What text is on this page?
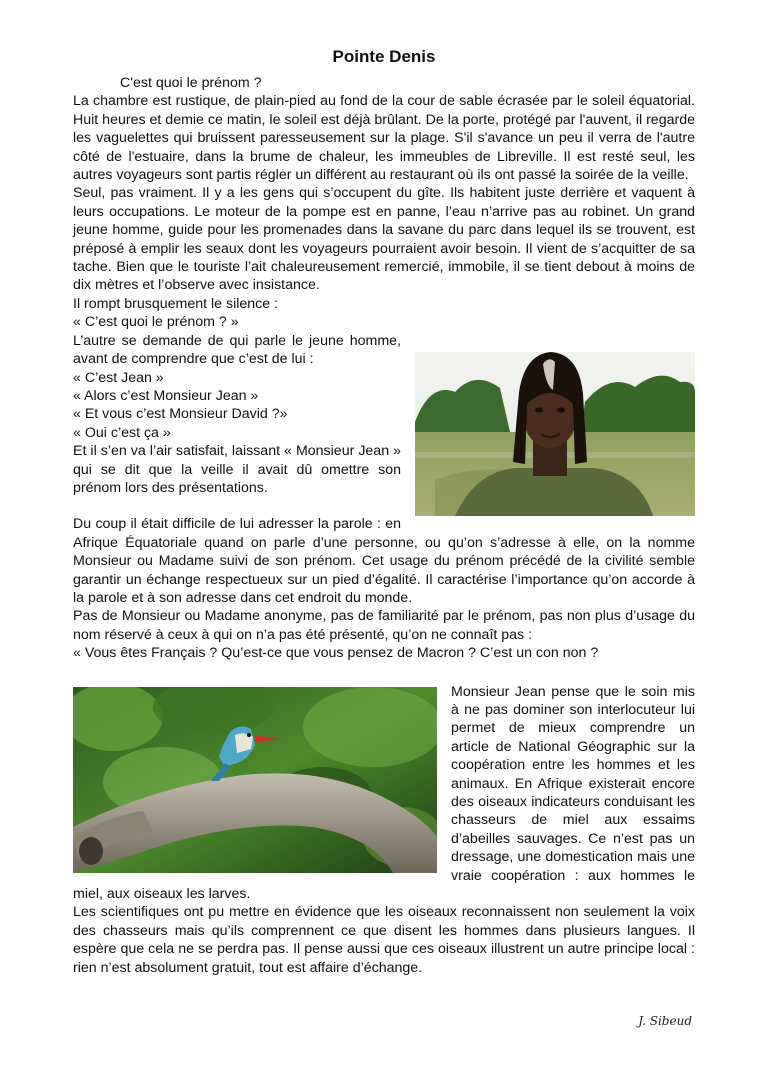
Pointe Denis

C'est quoi le prénom ?

La chambre est rustique, de plain-pied au fond de la cour de sable écrasée par le soleil équatorial. Huit heures et demie ce matin, le soleil est déjà brûlant. De la porte, protégé par l'auvent, il regarde les vaguelettes qui bruissent paresseusement sur la plage. S'il s'avance un peu il verra de l'autre côté de l'estuaire, dans la brume de chaleur, les immeubles de Libreville. Il est resté seul, les autres voyageurs sont partis régler un différent au restaurant où ils ont passé la soirée de la veille.

Seul, pas vraiment. Il y a les gens qui s’occupent du gîte. Ils habitent juste derrière et vaquent à leurs occupations. Le moteur de la pompe est en panne, l’eau n’arrive pas au robinet. Un grand jeune homme, guide pour les promenades dans la savane du parc dans lequel ils se trouvent, est préposé à emplir les seaux dont les voyageurs pourraient avoir besoin. Il vient de s’acquitter de sa tache. Bien que le touriste l’ait chaleureusement remercié, immobile, il se tient debout à moins de dix mètres et l’observe avec insistance.

Il rompt brusquement le silence :

« C’est quoi le prénom ? »

L’autre se demande de qui parle le jeune homme, avant de comprendre que c’est de lui :

« C’est Jean »

« Alors c’est Monsieur Jean »

« Et vous c’est Monsieur David ?»

« Oui c’est ça »

Et il s’en va l’air satisfait, laissant « Monsieur Jean » qui se dit que la veille il avait dû omettre son prénom lors des présentations.

Du coup il était difficile de lui adresser la parole : en Afrique Équatoriale quand on parle d’une personne, ou qu’on s’adresse à elle, on la nomme Monsieur ou Madame suivi de son prénom. Cet usage du prénom précédé de la civilité semble garantir un échange respectueux sur un pied d’égalité. Il caractérise l’importance qu’on accorde à la parole et à son adresse dans cet endroit du monde.

Pas de Monsieur ou Madame anonyme, pas de familiarité par le prénom, pas non plus d’usage du nom réservé à ceux à qui on n’a pas été présenté, qu’on ne connaît pas :

« Vous êtes Français ? Qu’est-ce que vous pensez de Macron ? C’est un con non ?

Monsieur Jean pense que le soin mis à ne pas dominer son interlocuteur lui permet de mieux comprendre un article de National Géographic sur la coopération entre les hommes et les animaux. En Afrique existerait encore des oiseaux indicateurs conduisant les chasseurs de miel aux essaims d’abeilles sauvages. Ce n’est pas un dressage, une domestication mais une vraie coopération : aux hommes le miel, aux oiseaux les larves.

Les scientifiques ont pu mettre en évidence que les oiseaux reconnaissent non seulement la voix des chasseurs mais qu’ils comprennent ce que disent les hommes dans plusieurs langues. Il espère que cela ne se perdra pas. Il pense aussi que ces oiseaux illustrent un autre principe local : rien n’est absolument gratuit, tout est affaire d’échange.

J. Sibeud
